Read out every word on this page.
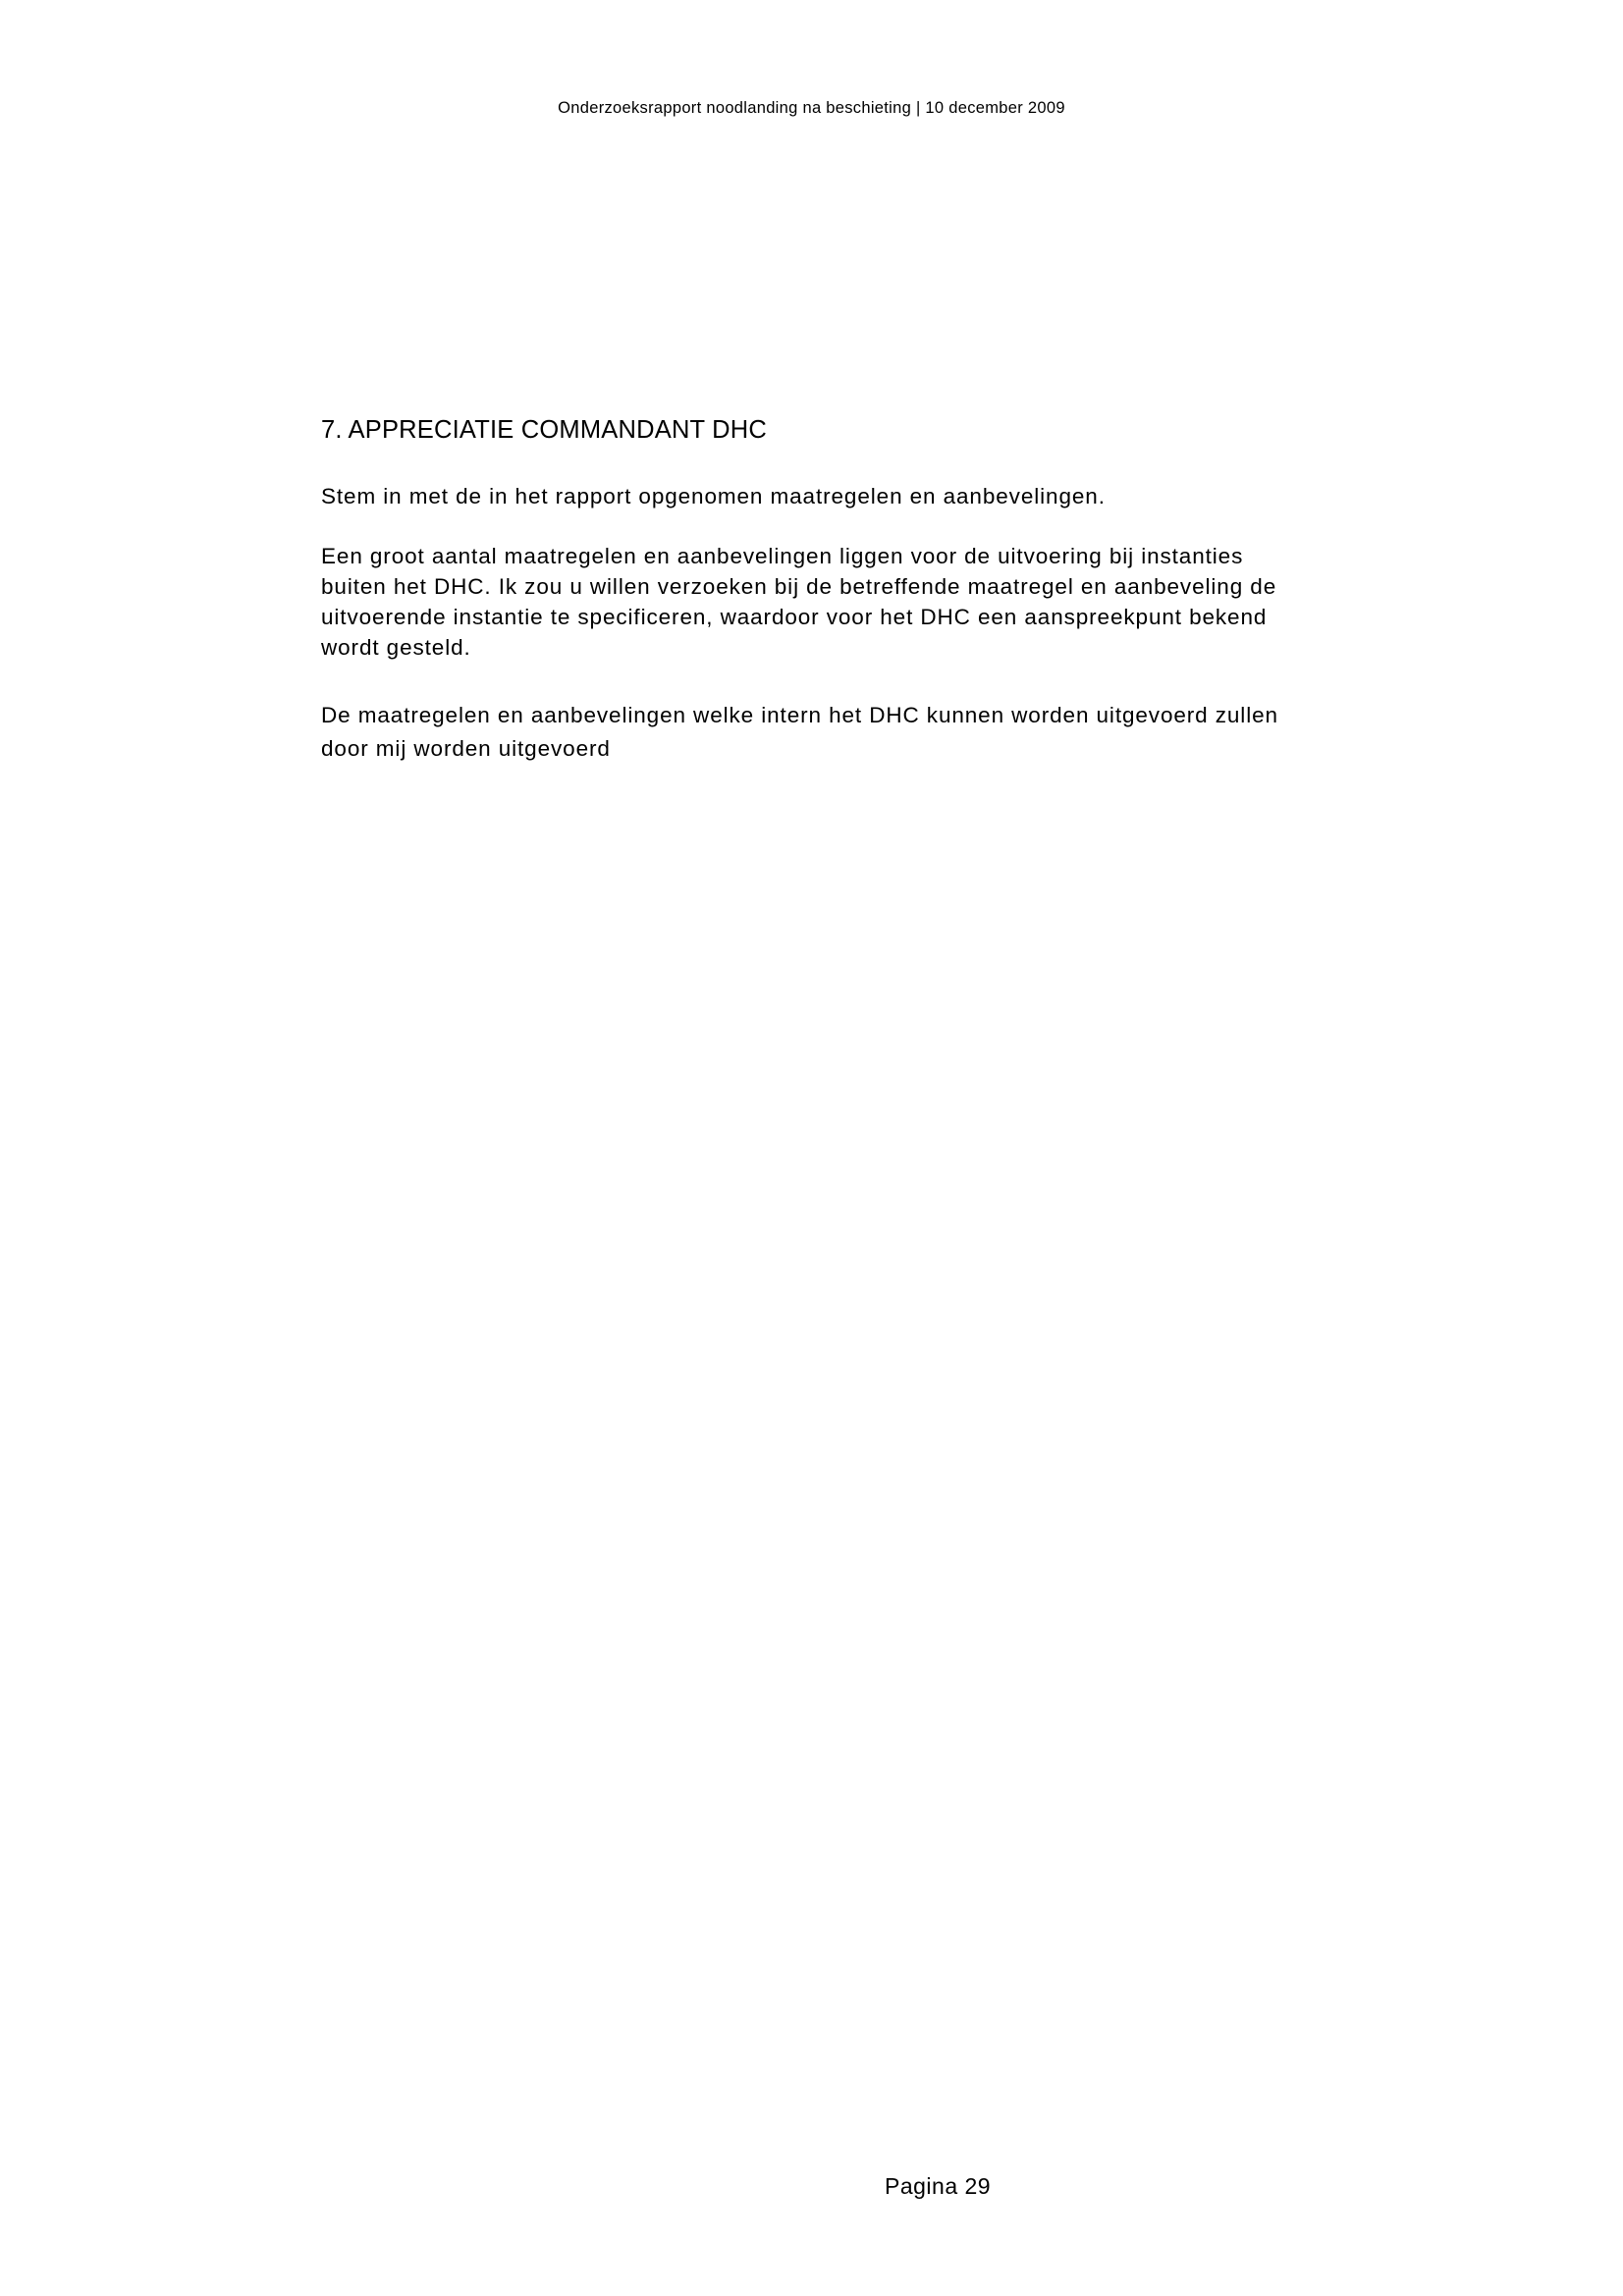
Onderzoeksrapport noodlanding na beschieting | 10 december 2009
7. APPRECIATIE COMMANDANT DHC

Stem in met de in het rapport opgenomen maatregelen en aanbevelingen.

Een groot aantal maatregelen en aanbevelingen liggen voor de uitvoering bij instanties
buiten het DHC. Ik zou u willen verzoeken bij de betreffende maatregel en aanbeveling de
uitvoerende instantie te specificeren, waardoor voor het DHC een aanspreekpunt bekend
wordt gesteld.

De maatregelen en aanbevelingen welke intern het DHC kunnen worden uitgevoerd zullen
door mij worden uitgevoerd

Pagina 29
